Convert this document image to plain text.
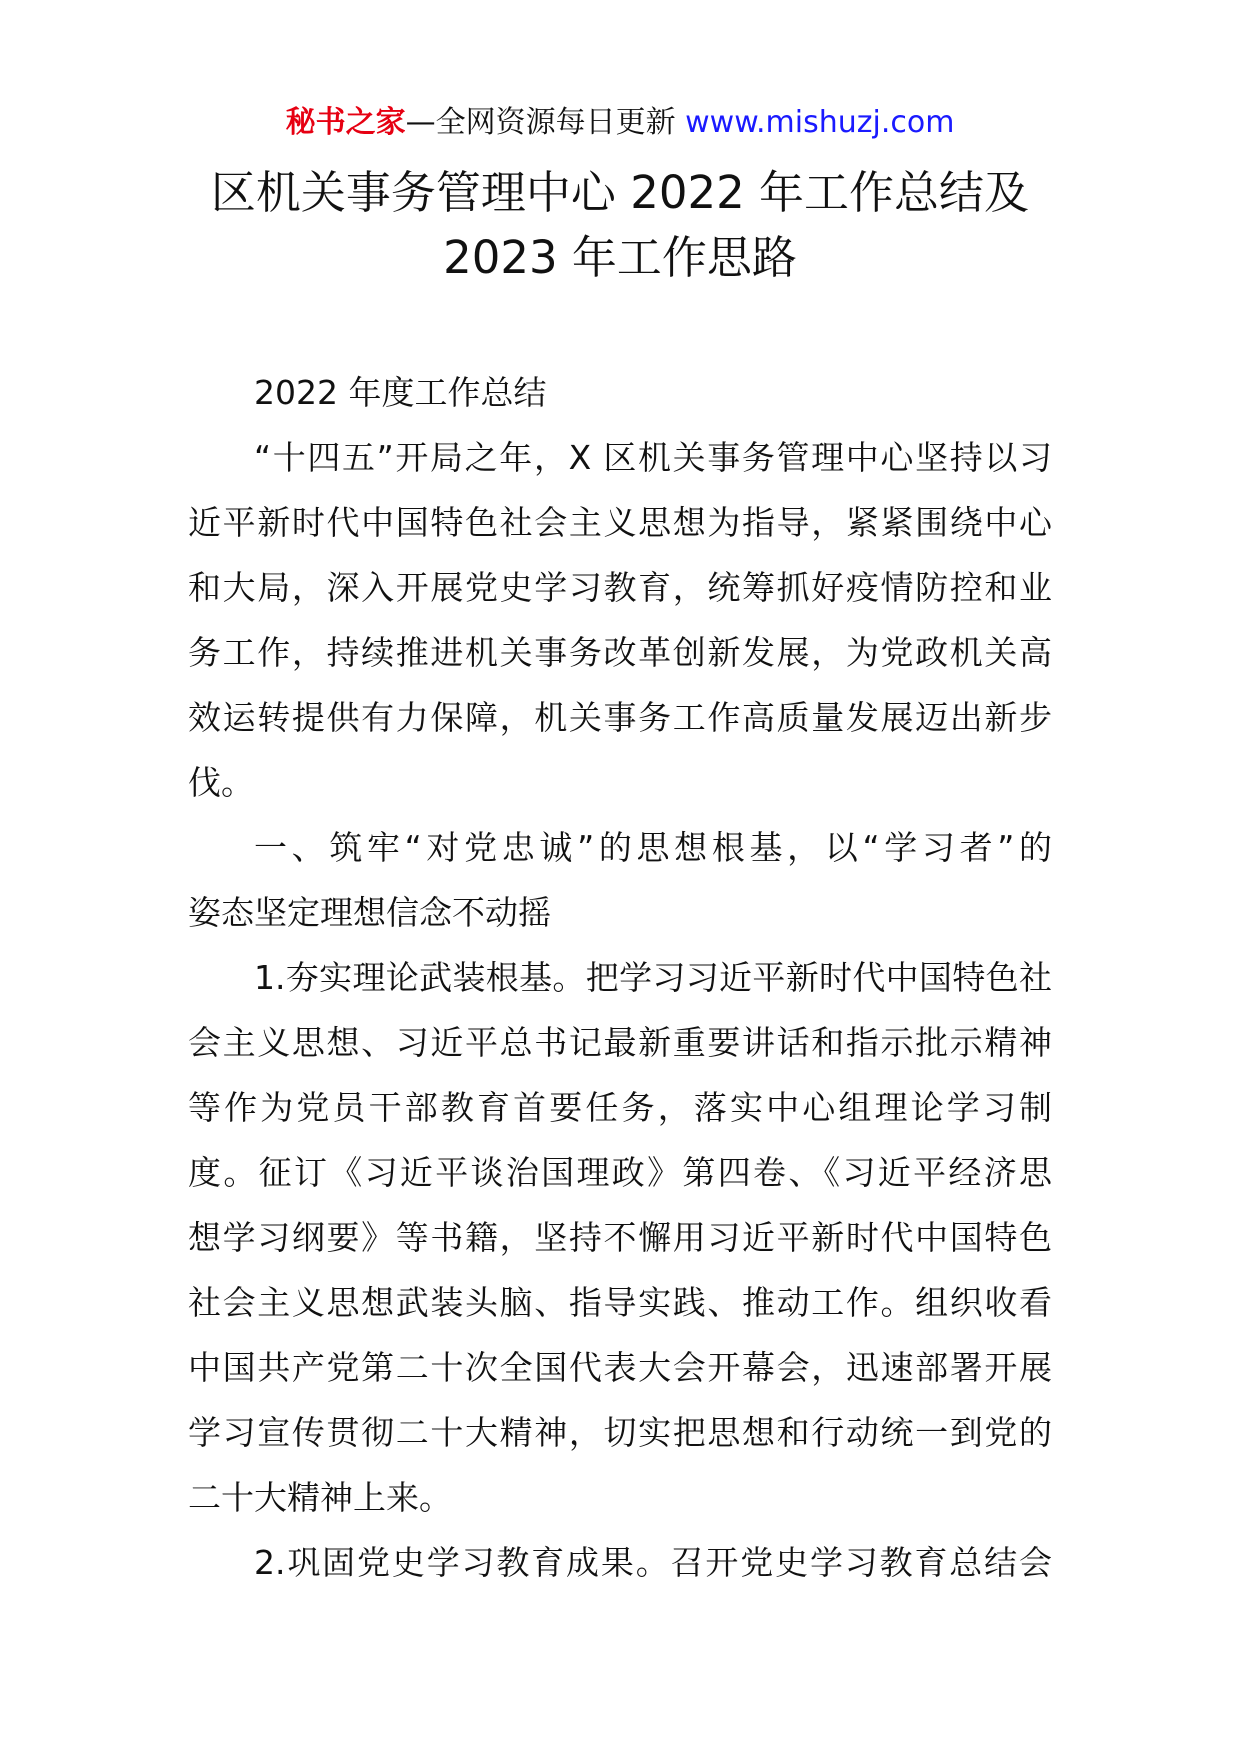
秘书之家—全网资源每日更新 www.mishuzj.com
区机关事务管理中心 2022 年工作总结及
2023 年工作思路
2022 年度工作总结
“十四五”开局之年，X 区机关事务管理中心坚持以习
近平新时代中国特色社会主义思想为指导，紧紧围绕中心
和大局，深入开展党史学习教育，统筹抓好疫情防控和业
务工作，持续推进机关事务改革创新发展，为党政机关高
效运转提供有力保障，机关事务工作高质量发展迈出新步
伐。
一、筑牢“对党忠诚”的思想根基，以“学习者”的
姿态坚定理想信念不动摇
1.夯实理论武装根基。把学习习近平新时代中国特色社
会主义思想、习近平总书记最新重要讲话和指示批示精神
等作为党员干部教育首要任务，落实中心组理论学习制
度。征订《习近平谈治国理政》第四卷、《习近平经济思
想学习纲要》等书籍，坚持不懈用习近平新时代中国特色
社会主义思想武装头脑、指导实践、推动工作。组织收看
中国共产党第二十次全国代表大会开幕会，迅速部署开展
学习宣传贯彻二十大精神，切实把思想和行动统一到党的
二十大精神上来。
2.巩固党史学习教育成果。召开党史学习教育总结会
